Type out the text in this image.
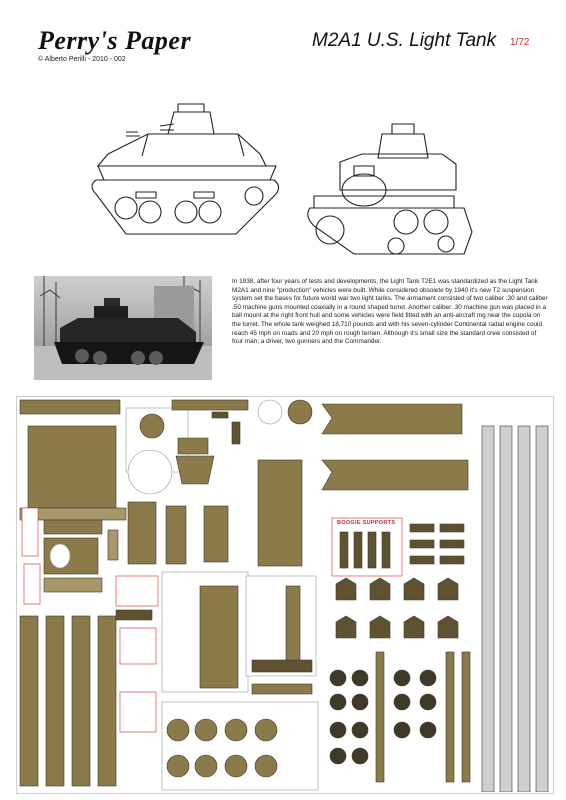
Perry's Paper
© Alberto Perilli - 2010 - 002
M2A1 U.S. Light Tank 1/72
In 1938, after four years of tests and developments, the Light Tank T2E1 was standardized as the Light Tank M2A1 and nine "production" vehicles were built. While considered obsolete by 1940 it's new T2 suspension system set the bases for future world war two light tanks. The armament consisted of two caliber .30 and caliber .50 machine guns mounted coaxially in a round shaped turret. Another caliber .30 machine gun was placed in a ball mount at the right front hull and some vehicles were field fitted with an anti-aircraft mg near the cupola on the turret. The whole tank weighed 18,710 pounds and with his seven-cylinder Continental radial engine could reach 45 mph on roads and 20 mph on rough terrain. Although it's small size the standard crew consisted of four man; a driver, two gunners and the Commander.
BOOGIE SUPPORTS
